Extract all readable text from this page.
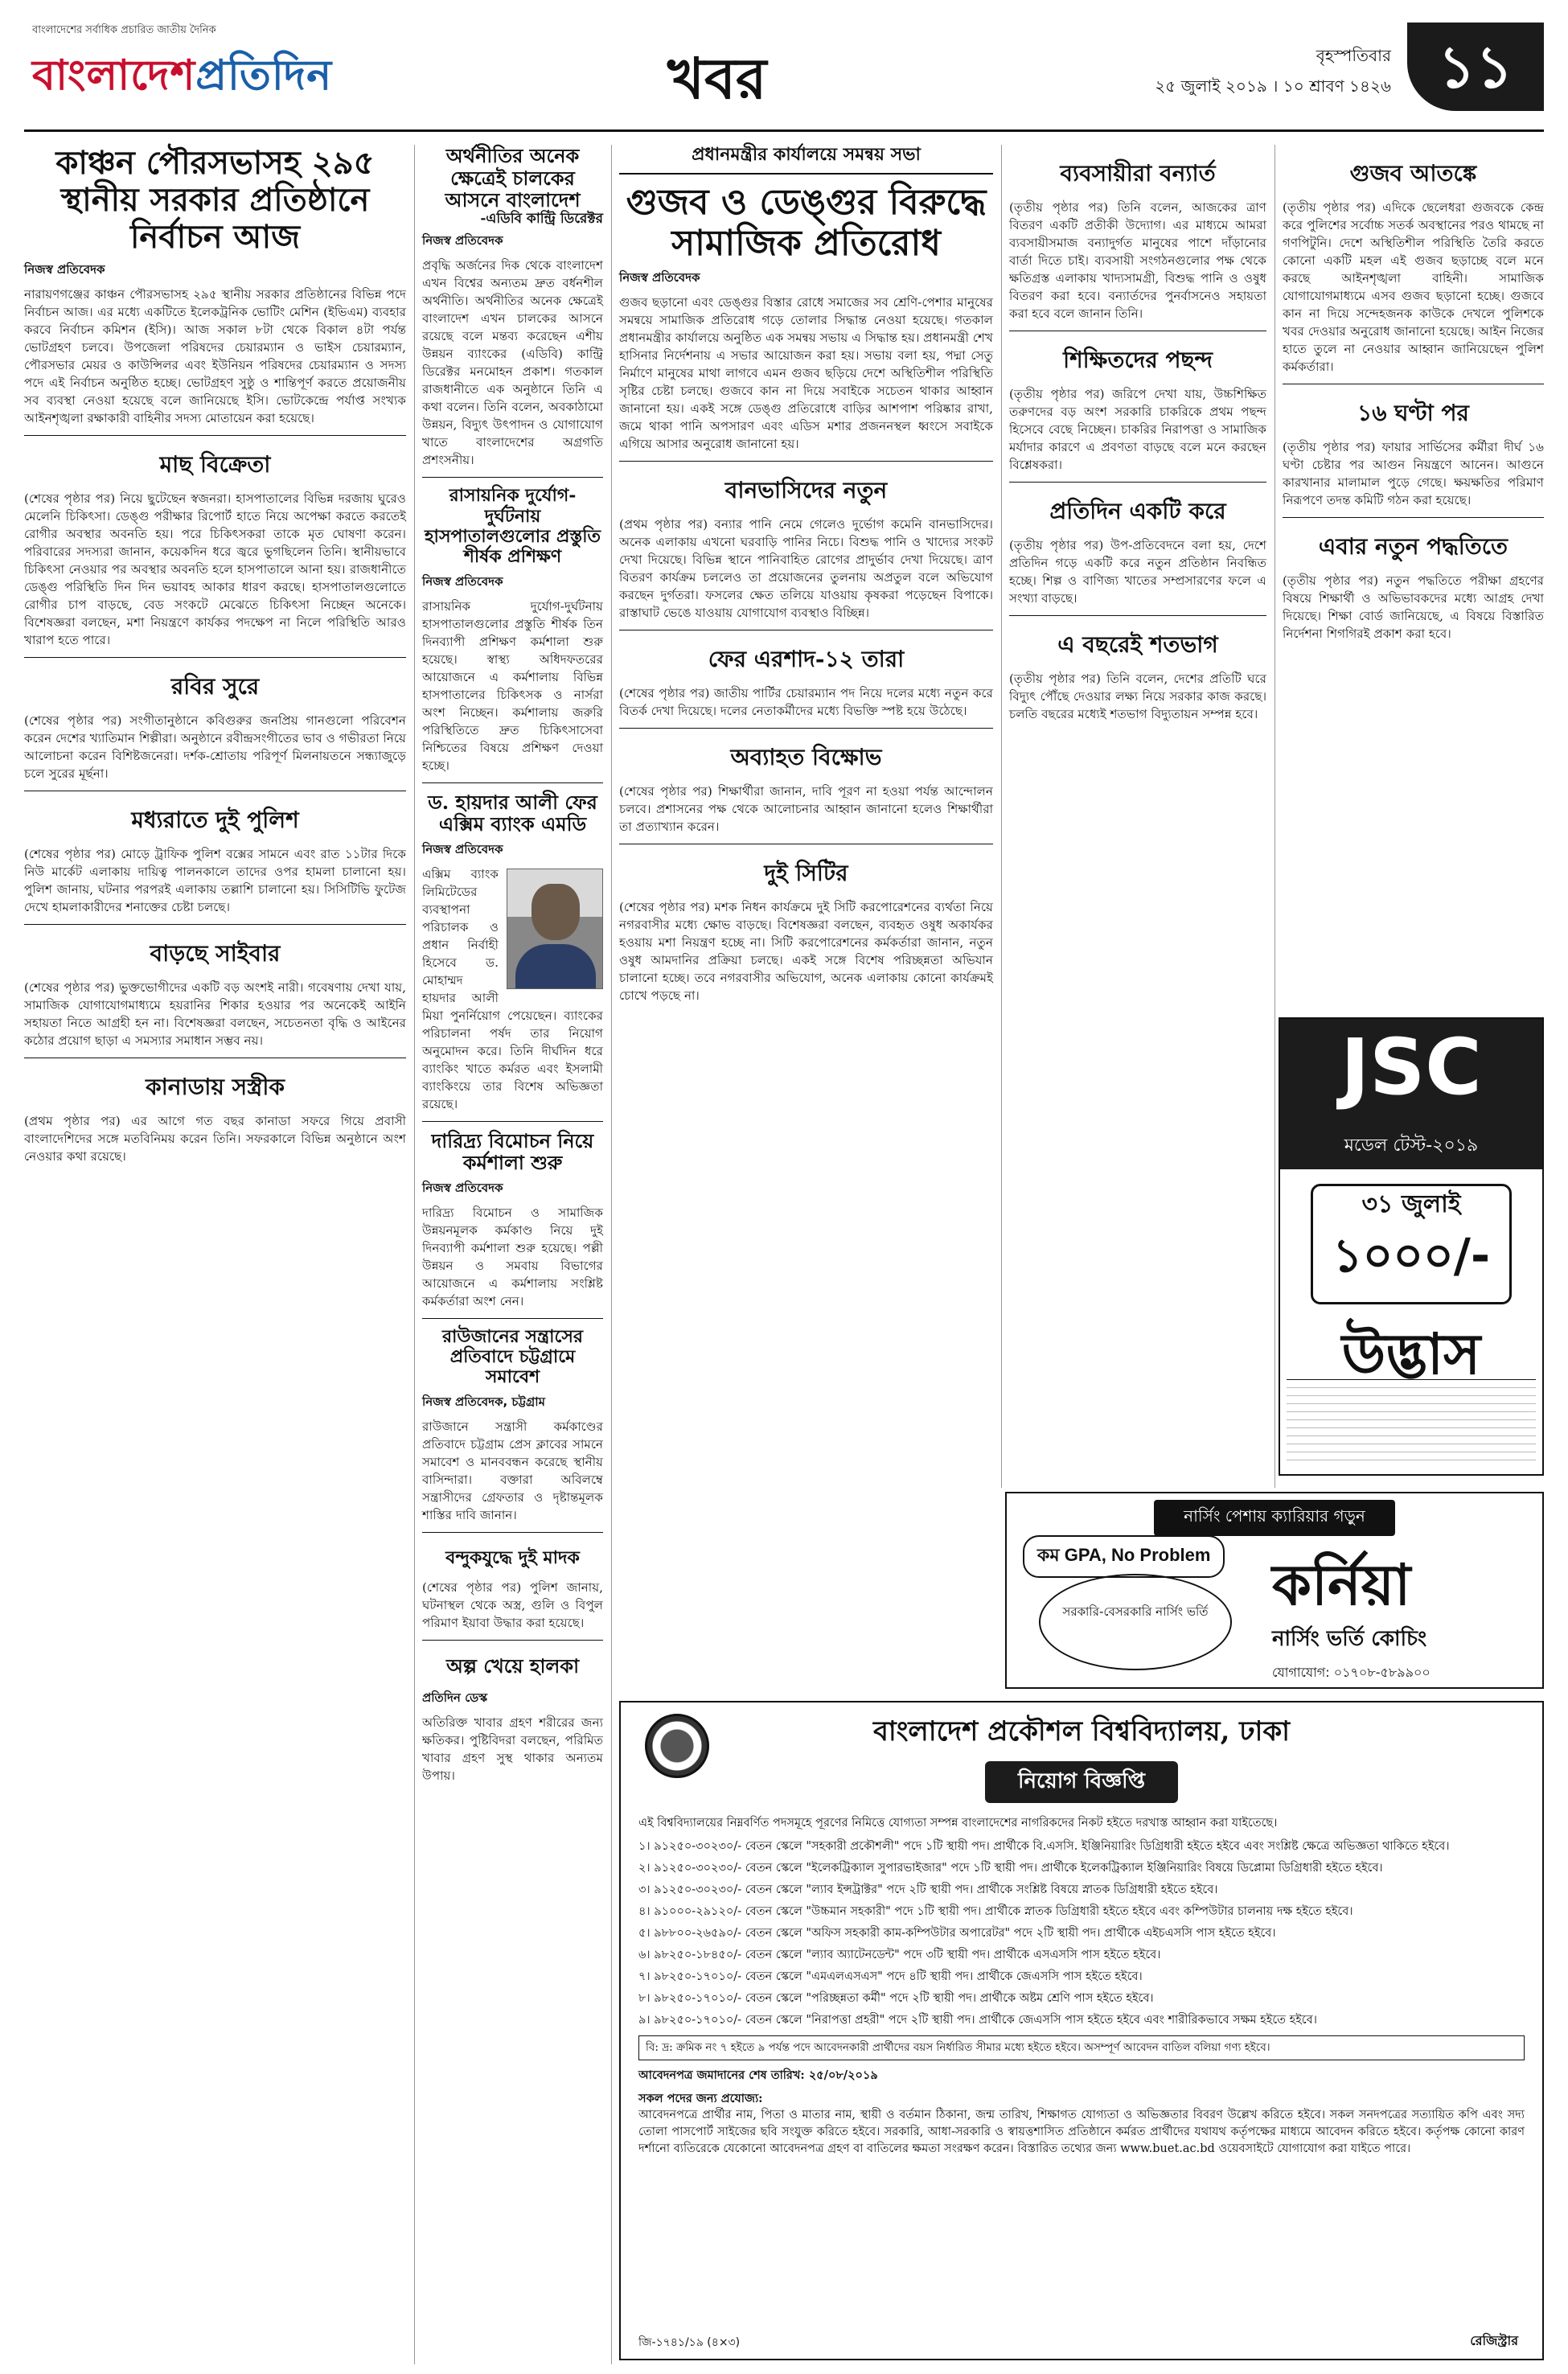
বাংলাদেশের সর্বাধিক প্রচারিত জাতীয় দৈনিক
বাংলাদেশপ্রতিদিন	খবর	বৃহস্পতিবার
২৫ জুলাই ২০১৯ । ১০ শ্রাবণ ১৪২৬ ১১
কাঞ্চন পৌরসভাসহ ২৯৫ স্থানীয় সরকার প্রতিষ্ঠানে নির্বাচন আজ
নিজস্ব প্রতিবেদক

নারায়ণগঞ্জের কাঞ্চন পৌরসভাসহ ২৯৫ স্থানীয় সরকার প্রতিষ্ঠানের বিভিন্ন পদে নির্বাচন আজ। এর মধ্যে একটিতে ইলেকট্রনিক ভোটিং মেশিন (ইভিএম) ব্যবহার করবে নির্বাচন কমিশন (ইসি)। আজ সকাল ৮টা থেকে বিকাল ৪টা পর্যন্ত ভোটগ্রহণ চলবে। উপজেলা পরিষদের চেয়ারম্যান ও ভাইস চেয়ারম্যান, পৌরসভার মেয়র ও কাউন্সিলর এবং ইউনিয়ন পরিষদের চেয়ারম্যান ও সদস্য পদে এই নির্বাচন অনুষ্ঠিত হচ্ছে। ভোটগ্রহণ সুষ্ঠু ও শান্তিপূর্ণ করতে প্রয়োজনীয় সব ব্যবস্থা নেওয়া হয়েছে বলে জানিয়েছে ইসি। ভোটকেন্দ্রে পর্যাপ্ত সংখ্যক আইনশৃঙ্খলা রক্ষাকারী বাহিনীর সদস্য মোতায়েন করা হয়েছে।

মাছ বিক্রেতা

(শেষের পৃষ্ঠার পর) নিয়ে ছুটেছেন স্বজনরা। হাসপাতালের বিভিন্ন দরজায় ঘুরেও মেলেনি চিকিৎসা। ডেঙ্গু পরীক্ষার রিপোর্ট হাতে নিয়ে অপেক্ষা করতে করতেই রোগীর অবস্থার অবনতি হয়। পরে চিকিৎসকরা তাকে মৃত ঘোষণা করেন। পরিবারের সদস্যরা জানান, কয়েকদিন ধরে জ্বরে ভুগছিলেন তিনি। স্থানীয়ভাবে চিকিৎসা নেওয়ার পর অবস্থার অবনতি হলে হাসপাতালে আনা হয়। রাজধানীতে ডেঙ্গু পরিস্থিতি দিন দিন ভয়াবহ আকার ধারণ করছে। হাসপাতালগুলোতে রোগীর চাপ বাড়ছে, বেড সংকটে মেঝেতে চিকিৎসা নিচ্ছেন অনেকে। বিশেষজ্ঞরা বলছেন, মশা নিয়ন্ত্রণে কার্যকর পদক্ষেপ না নিলে পরিস্থিতি আরও খারাপ হতে পারে।

রবির সুরে

(শেষের পৃষ্ঠার পর) সংগীতানুষ্ঠানে কবিগুরুর জনপ্রিয় গানগুলো পরিবেশন করেন দেশের খ্যাতিমান শিল্পীরা। অনুষ্ঠানে রবীন্দ্রসংগীতের ভাব ও গভীরতা নিয়ে আলোচনা করেন বিশিষ্টজনেরা। দর্শক-শ্রোতায় পরিপূর্ণ মিলনায়তনে সন্ধ্যাজুড়ে চলে সুরের মূর্ছনা।

মধ্যরাতে দুই পুলিশ

(শেষের পৃষ্ঠার পর) মোড়ে ট্রাফিক পুলিশ বক্সের সামনে এবং রাত ১১টার দিকে নিউ মার্কেট এলাকায় দায়িত্ব পালনকালে তাদের ওপর হামলা চালানো হয়। পুলিশ জানায়, ঘটনার পরপরই এলাকায় তল্লাশি চালানো হয়। সিসিটিভি ফুটেজ দেখে হামলাকারীদের শনাক্তের চেষ্টা চলছে।

বাড়ছে সাইবার

(শেষের পৃষ্ঠার পর) ভুক্তভোগীদের একটি বড় অংশই নারী। গবেষণায় দেখা যায়, সামাজিক যোগাযোগমাধ্যমে হয়রানির শিকার হওয়ার পর অনেকেই আইনি সহায়তা নিতে আগ্রহী হন না। বিশেষজ্ঞরা বলছেন, সচেতনতা বৃদ্ধি ও আইনের কঠোর প্রয়োগ ছাড়া এ সমস্যার সমাধান সম্ভব নয়।

কানাডায় সস্ত্রীক

(প্রথম পৃষ্ঠার পর) এর আগে গত বছর কানাডা সফরে গিয়ে প্রবাসী বাংলাদেশিদের সঙ্গে মতবিনিময় করেন তিনি। সফরকালে বিভিন্ন অনুষ্ঠানে অংশ নেওয়ার কথা রয়েছে।

অর্থনীতির অনেক ক্ষেত্রেই চালকের আসনে বাংলাদেশ
-এডিবি কান্ট্রি ডিরেক্টর
নিজস্ব প্রতিবেদক

প্রবৃদ্ধি অর্জনের দিক থেকে বাংলাদেশ এখন বিশ্বের অন্যতম দ্রুত বর্ধনশীল অর্থনীতি। অর্থনীতির অনেক ক্ষেত্রেই বাংলাদেশ এখন চালকের আসনে রয়েছে বলে মন্তব্য করেছেন এশীয় উন্নয়ন ব্যাংকের (এডিবি) কান্ট্রি ডিরেক্টর মনমোহন প্রকাশ। গতকাল রাজধানীতে এক অনুষ্ঠানে তিনি এ কথা বলেন। তিনি বলেন, অবকাঠামো উন্নয়ন, বিদ্যুৎ উৎপাদন ও যোগাযোগ খাতে বাংলাদেশের অগ্রগতি প্রশংসনীয়।

রাসায়নিক দুর্যোগ-দুর্ঘটনায় হাসপাতালগুলোর প্রস্তুতি শীর্ষক প্রশিক্ষণ
নিজস্ব প্রতিবেদক

রাসায়নিক দুর্যোগ-দুর্ঘটনায় হাসপাতালগুলোর প্রস্তুতি শীর্ষক তিন দিনব্যাপী প্রশিক্ষণ কর্মশালা শুরু হয়েছে। স্বাস্থ্য অধিদফতরের আয়োজনে এ কর্মশালায় বিভিন্ন হাসপাতালের চিকিৎসক ও নার্সরা অংশ নিচ্ছেন। কর্মশালায় জরুরি পরিস্থিতিতে দ্রুত চিকিৎসাসেবা নিশ্চিতের বিষয়ে প্রশিক্ষণ দেওয়া হচ্ছে।

ড. হায়দার আলী ফের এক্সিম ব্যাংক এমডি
নিজস্ব প্রতিবেদক

এক্সিম ব্যাংক লিমিটেডের ব্যবস্থাপনা পরিচালক ও প্রধান নির্বাহী হিসেবে ড. মোহাম্মদ হায়দার আলী মিয়া পুনর্নিয়োগ পেয়েছেন। ব্যাংকের পরিচালনা পর্ষদ তার নিয়োগ অনুমোদন করে। তিনি দীর্ঘদিন ধরে ব্যাংকিং খাতে কর্মরত এবং ইসলামী ব্যাংকিংয়ে তার বিশেষ অভিজ্ঞতা রয়েছে।

দারিদ্র্য বিমোচন নিয়ে কর্মশালা শুরু
নিজস্ব প্রতিবেদক

দারিদ্র্য বিমোচন ও সামাজিক উন্নয়নমূলক কর্মকাণ্ড নিয়ে দুই দিনব্যাপী কর্মশালা শুরু হয়েছে। পল্লী উন্নয়ন ও সমবায় বিভাগের আয়োজনে এ কর্মশালায় সংশ্লিষ্ট কর্মকর্তারা অংশ নেন।

রাউজানের সন্ত্রাসের প্রতিবাদে চট্টগ্রামে সমাবেশ
নিজস্ব প্রতিবেদক, চট্টগ্রাম

রাউজানে সন্ত্রাসী কর্মকাণ্ডের প্রতিবাদে চট্টগ্রাম প্রেস ক্লাবের সামনে সমাবেশ ও মানববন্ধন করেছে স্থানীয় বাসিন্দারা। বক্তারা অবিলম্বে সন্ত্রাসীদের গ্রেফতার ও দৃষ্টান্তমূলক শাস্তির দাবি জানান।

বন্দুকযুদ্ধে দুই মাদক

(শেষের পৃষ্ঠার পর) পুলিশ জানায়, ঘটনাস্থল থেকে অস্ত্র, গুলি ও বিপুল পরিমাণ ইয়াবা উদ্ধার করা হয়েছে।

অল্প খেয়ে হালকা
প্রতিদিন ডেস্ক

অতিরিক্ত খাবার গ্রহণ শরীরের জন্য ক্ষতিকর। পুষ্টিবিদরা বলছেন, পরিমিত খাবার গ্রহণ সুস্থ থাকার অন্যতম উপায়।

প্রধানমন্ত্রীর কার্যালয়ে সমন্বয় সভা
গুজব ও ডেঙ্গুর বিরুদ্ধে সামাজিক প্রতিরোধ
নিজস্ব প্রতিবেদক

গুজব ছড়ানো এবং ডেঙ্গুর বিস্তার রোধে সমাজের সব শ্রেণি-পেশার মানুষের সমন্বয়ে সামাজিক প্রতিরোধ গড়ে তোলার সিদ্ধান্ত নেওয়া হয়েছে। গতকাল প্রধানমন্ত্রীর কার্যালয়ে অনুষ্ঠিত এক সমন্বয় সভায় এ সিদ্ধান্ত হয়। প্রধানমন্ত্রী শেখ হাসিনার নির্দেশনায় এ সভার আয়োজন করা হয়। সভায় বলা হয়, পদ্মা সেতু নির্মাণে মানুষের মাথা লাগবে এমন গুজব ছড়িয়ে দেশে অস্থিতিশীল পরিস্থিতি সৃষ্টির চেষ্টা চলছে। গুজবে কান না দিয়ে সবাইকে সচেতন থাকার আহ্বান জানানো হয়। একই সঙ্গে ডেঙ্গু প্রতিরোধে বাড়ির আশপাশ পরিষ্কার রাখা, জমে থাকা পানি অপসারণ এবং এডিস মশার প্রজননস্থল ধ্বংসে সবাইকে এগিয়ে আসার অনুরোধ জানানো হয়।

বানভাসিদের নতুন

(প্রথম পৃষ্ঠার পর) বন্যার পানি নেমে গেলেও দুর্ভোগ কমেনি বানভাসিদের। অনেক এলাকায় এখনো ঘরবাড়ি পানির নিচে। বিশুদ্ধ পানি ও খাদ্যের সংকট দেখা দিয়েছে। বিভিন্ন স্থানে পানিবাহিত রোগের প্রাদুর্ভাব দেখা দিয়েছে। ত্রাণ বিতরণ কার্যক্রম চললেও তা প্রয়োজনের তুলনায় অপ্রতুল বলে অভিযোগ করছেন দুর্গতরা। ফসলের ক্ষেত তলিয়ে যাওয়ায় কৃষকরা পড়েছেন বিপাকে। রাস্তাঘাট ভেঙে যাওয়ায় যোগাযোগ ব্যবস্থাও বিচ্ছিন্ন।

ফের এরশাদ-১২ তারা

(শেষের পৃষ্ঠার পর) জাতীয় পার্টির চেয়ারম্যান পদ নিয়ে দলের মধ্যে নতুন করে বিতর্ক দেখা দিয়েছে। দলের নেতাকর্মীদের মধ্যে বিভক্তি স্পষ্ট হয়ে উঠেছে।

অব্যাহত বিক্ষোভ

(শেষের পৃষ্ঠার পর) শিক্ষার্থীরা জানান, দাবি পূরণ না হওয়া পর্যন্ত আন্দোলন চলবে। প্রশাসনের পক্ষ থেকে আলোচনার আহ্বান জানানো হলেও শিক্ষার্থীরা তা প্রত্যাখ্যান করেন।

দুই সিটির

(শেষের পৃষ্ঠার পর) মশক নিধন কার্যক্রমে দুই সিটি করপোরেশনের ব্যর্থতা নিয়ে নগরবাসীর মধ্যে ক্ষোভ বাড়ছে। বিশেষজ্ঞরা বলছেন, ব্যবহৃত ওষুধ অকার্যকর হওয়ায় মশা নিয়ন্ত্রণ হচ্ছে না। সিটি করপোরেশনের কর্মকর্তারা জানান, নতুন ওষুধ আমদানির প্রক্রিয়া চলছে। একই সঙ্গে বিশেষ পরিচ্ছন্নতা অভিযান চালানো হচ্ছে। তবে নগরবাসীর অভিযোগ, অনেক এলাকায় কোনো কার্যক্রমই চোখে পড়ছে না।

ব্যবসায়ীরা বন্যার্ত

(তৃতীয় পৃষ্ঠার পর) তিনি বলেন, আজকের ত্রাণ বিতরণ একটি প্রতীকী উদ্যোগ। এর মাধ্যমে আমরা ব্যবসায়ীসমাজ বন্যাদুর্গত মানুষের পাশে দাঁড়ানোর বার্তা দিতে চাই। ব্যবসায়ী সংগঠনগুলোর পক্ষ থেকে ক্ষতিগ্রস্ত এলাকায় খাদ্যসামগ্রী, বিশুদ্ধ পানি ও ওষুধ বিতরণ করা হবে। বন্যার্তদের পুনর্বাসনেও সহায়তা করা হবে বলে জানান তিনি।

শিক্ষিতদের পছন্দ

(তৃতীয় পৃষ্ঠার পর) জরিপে দেখা যায়, উচ্চশিক্ষিত তরুণদের বড় অংশ সরকারি চাকরিকে প্রথম পছন্দ হিসেবে বেছে নিচ্ছেন। চাকরির নিরাপত্তা ও সামাজিক মর্যাদার কারণে এ প্রবণতা বাড়ছে বলে মনে করছেন বিশ্লেষকরা।

প্রতিদিন একটি করে

(তৃতীয় পৃষ্ঠার পর) উপ-প্রতিবেদনে বলা হয়, দেশে প্রতিদিন গড়ে একটি করে নতুন প্রতিষ্ঠান নিবন্ধিত হচ্ছে। শিল্প ও বাণিজ্য খাতের সম্প্রসারণের ফলে এ সংখ্যা বাড়ছে।

এ বছরেই শতভাগ

(তৃতীয় পৃষ্ঠার পর) তিনি বলেন, দেশের প্রতিটি ঘরে বিদ্যুৎ পৌঁছে দেওয়ার লক্ষ্য নিয়ে সরকার কাজ করছে। চলতি বছরের মধ্যেই শতভাগ বিদ্যুতায়ন সম্পন্ন হবে।

গুজব আতঙ্কে

(তৃতীয় পৃষ্ঠার পর) এদিকে ছেলেধরা গুজবকে কেন্দ্র করে পুলিশের সর্বোচ্চ সতর্ক অবস্থানের পরও থামছে না গণপিটুনি। দেশে অস্থিতিশীল পরিস্থিতি তৈরি করতে কোনো একটি মহল এই গুজব ছড়াচ্ছে বলে মনে করছে আইনশৃঙ্খলা বাহিনী। সামাজিক যোগাযোগমাধ্যমে এসব গুজব ছড়ানো হচ্ছে। গুজবে কান না দিয়ে সন্দেহজনক কাউকে দেখলে পুলিশকে খবর দেওয়ার অনুরোধ জানানো হয়েছে। আইন নিজের হাতে তুলে না নেওয়ার আহ্বান জানিয়েছেন পুলিশ কর্মকর্তারা।

১৬ ঘণ্টা পর

(তৃতীয় পৃষ্ঠার পর) ফায়ার সার্ভিসের কর্মীরা দীর্ঘ ১৬ ঘণ্টা চেষ্টার পর আগুন নিয়ন্ত্রণে আনেন। আগুনে কারখানার মালামাল পুড়ে গেছে। ক্ষয়ক্ষতির পরিমাণ নিরূপণে তদন্ত কমিটি গঠন করা হয়েছে।

এবার নতুন পদ্ধতিতে

(তৃতীয় পৃষ্ঠার পর) নতুন পদ্ধতিতে পরীক্ষা গ্রহণের বিষয়ে শিক্ষার্থী ও অভিভাবকদের মধ্যে আগ্রহ দেখা দিয়েছে। শিক্ষা বোর্ড জানিয়েছে, এ বিষয়ে বিস্তারিত নির্দেশনা শিগগিরই প্রকাশ করা হবে।

JSC
মডেল টেস্ট-২০১৯
৩১ জুলাই
১০০০/-
উদ্ভাস
নার্সিং পেশায় ক্যারিয়ার গড়ুন
কম GPA, No Problem
সরকারি-বেসরকারি নার্সিং ভর্তি	কর্নিয়া
নার্সিং ভর্তি কোচিং
যোগাযোগ: ০১৭০৮-৫৮৯৯০০
বাংলাদেশ প্রকৌশল বিশ্ববিদ্যালয়, ঢাকা
নিয়োগ বিজ্ঞপ্তি

এই বিশ্ববিদ্যালয়ের নিম্নবর্ণিত পদসমূহে পূরণের নিমিত্তে যোগ্যতা সম্পন্ন বাংলাদেশের নাগরিকদের নিকট হইতে দরখাস্ত আহ্বান করা যাইতেছে।

১। ৯১২৫০-৩০২৩০/- বেতন স্কেলে "সহকারী প্রকৌশলী" পদে ১টি স্থায়ী পদ। প্রার্থীকে বি.এসসি. ইঞ্জিনিয়ারিং ডিগ্রিধারী হইতে হইবে এবং সংশ্লিষ্ট ক্ষেত্রে অভিজ্ঞতা থাকিতে হইবে।
২। ৯১২৫০-৩০২৩০/- বেতন স্কেলে "ইলেকট্রিক্যাল সুপারভাইজার" পদে ১টি স্থায়ী পদ। প্রার্থীকে ইলেকট্রিক্যাল ইঞ্জিনিয়ারিং বিষয়ে ডিপ্লোমা ডিগ্রিধারী হইতে হইবে।
৩। ৯১২৫০-৩০২৩০/- বেতন স্কেলে "ল্যাব ইন্সট্রাক্টর" পদে ২টি স্থায়ী পদ। প্রার্থীকে সংশ্লিষ্ট বিষয়ে স্নাতক ডিগ্রিধারী হইতে হইবে।
৪। ৯১০০০-২৯১২০/- বেতন স্কেলে "উচ্চমান সহকারী" পদে ১টি স্থায়ী পদ। প্রার্থীকে স্নাতক ডিগ্রিধারী হইতে হইবে এবং কম্পিউটার চালনায় দক্ষ হইতে হইবে।
৫। ৯৮৮০০-২৬৫৯০/- বেতন স্কেলে "অফিস সহকারী কাম-কম্পিউটার অপারেটর" পদে ২টি স্থায়ী পদ। প্রার্থীকে এইচএসসি পাস হইতে হইবে।
৬। ৯৮২৫০-১৮৪৫০/- বেতন স্কেলে "ল্যাব অ্যাটেনডেন্ট" পদে ৩টি স্থায়ী পদ। প্রার্থীকে এসএসসি পাস হইতে হইবে।
৭। ৯৮২৫০-১৭০১০/- বেতন স্কেলে "এমএলএসএস" পদে ৪টি স্থায়ী পদ। প্রার্থীকে জেএসসি পাস হইতে হইবে।
৮। ৯৮২৫০-১৭০১০/- বেতন স্কেলে "পরিচ্ছন্নতা কর্মী" পদে ২টি স্থায়ী পদ। প্রার্থীকে অষ্টম শ্রেণি পাস হইতে হইবে।
৯। ৯৮২৫০-১৭০১০/- বেতন স্কেলে "নিরাপত্তা প্রহরী" পদে ২টি স্থায়ী পদ। প্রার্থীকে জেএসসি পাস হইতে হইবে এবং শারীরিকভাবে সক্ষম হইতে হইবে।
বি: দ্র: ক্রমিক নং ৭ হইতে ৯ পর্যন্ত পদে আবেদনকারী প্রার্থীদের বয়স নির্ধারিত সীমার মধ্যে হইতে হইবে। অসম্পূর্ণ আবেদন বাতিল বলিয়া গণ্য হইবে।
আবেদনপত্র জমাদানের শেষ তারিখ: ২৫/০৮/২০১৯
সকল পদের জন্য প্রযোজ্য:

আবেদনপত্রে প্রার্থীর নাম, পিতা ও মাতার নাম, স্থায়ী ও বর্তমান ঠিকানা, জন্ম তারিখ, শিক্ষাগত যোগ্যতা ও অভিজ্ঞতার বিবরণ উল্লেখ করিতে হইবে। সকল সনদপত্রের সত্যায়িত কপি এবং সদ্য তোলা পাসপোর্ট সাইজের ছবি সংযুক্ত করিতে হইবে। সরকারি, আধা-সরকারি ও স্বায়ত্তশাসিত প্রতিষ্ঠানে কর্মরত প্রার্থীদের যথাযথ কর্তৃপক্ষের মাধ্যমে আবেদন করিতে হইবে। কর্তৃপক্ষ কোনো কারণ দর্শানো ব্যতিরেকে যেকোনো আবেদনপত্র গ্রহণ বা বাতিলের ক্ষমতা সংরক্ষণ করেন। বিস্তারিত তথ্যের জন্য www.buet.ac.bd ওয়েবসাইটে যোগাযোগ করা যাইতে পারে।

জি-১৭৪১/১৯ (৪×৩)	রেজিস্ট্রার
